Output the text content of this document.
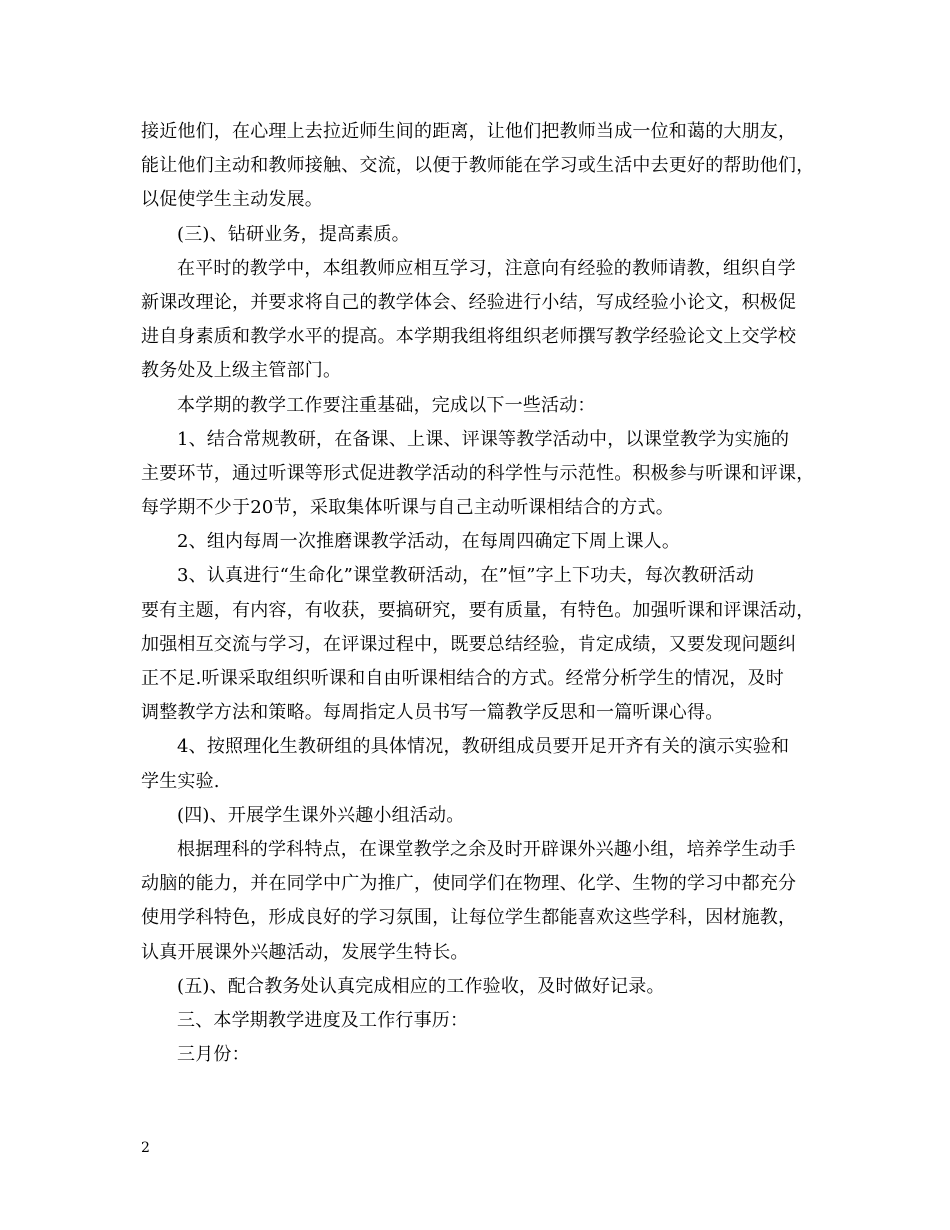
接近他们，在心理上去拉近师生间的距离，让他们把教师当成一位和蔼的大朋友，
能让他们主动和教师接触、交流，以便于教师能在学习或生活中去更好的帮助他们，
以促使学生主动发展。
(三)、钻研业务，提高素质。
在平时的教学中，本组教师应相互学习，注意向有经验的教师请教，组织自学
新课改理论，并要求将自己的教学体会、经验进行小结，写成经验小论文，积极促
进自身素质和教学水平的提高。本学期我组将组织老师撰写教学经验论文上交学校
教务处及上级主管部门。
本学期的教学工作要注重基础，完成以下一些活动：
1、结合常规教研，在备课、上课、评课等教学活动中，以课堂教学为实施的
主要环节，通过听课等形式促进教学活动的科学性与示范性。积极参与听课和评课，
每学期不少于20节，采取集体听课与自己主动听课相结合的方式。
2、组内每周一次推磨课教学活动，在每周四确定下周上课人。
3、认真进行“生命化”课堂教研活动，在”恒”字上下功夫，每次教研活动
要有主题，有内容，有收获，要搞研究，要有质量，有特色。加强听课和评课活动，
加强相互交流与学习，在评课过程中，既要总结经验，肯定成绩，又要发现问题纠
正不足.听课采取组织听课和自由听课相结合的方式。经常分析学生的情况，及时
调整教学方法和策略。每周指定人员书写一篇教学反思和一篇听课心得。
4、按照理化生教研组的具体情况，教研组成员要开足开齐有关的演示实验和
学生实验.
(四)、开展学生课外兴趣小组活动。
根据理科的学科特点，在课堂教学之余及时开辟课外兴趣小组，培养学生动手
动脑的能力，并在同学中广为推广，使同学们在物理、化学、生物的学习中都充分
使用学科特色，形成良好的学习氛围，让每位学生都能喜欢这些学科，因材施教，
认真开展课外兴趣活动，发展学生特长。
(五)、配合教务处认真完成相应的工作验收，及时做好记录。
三、本学期教学进度及工作行事历：
三月份：
2
